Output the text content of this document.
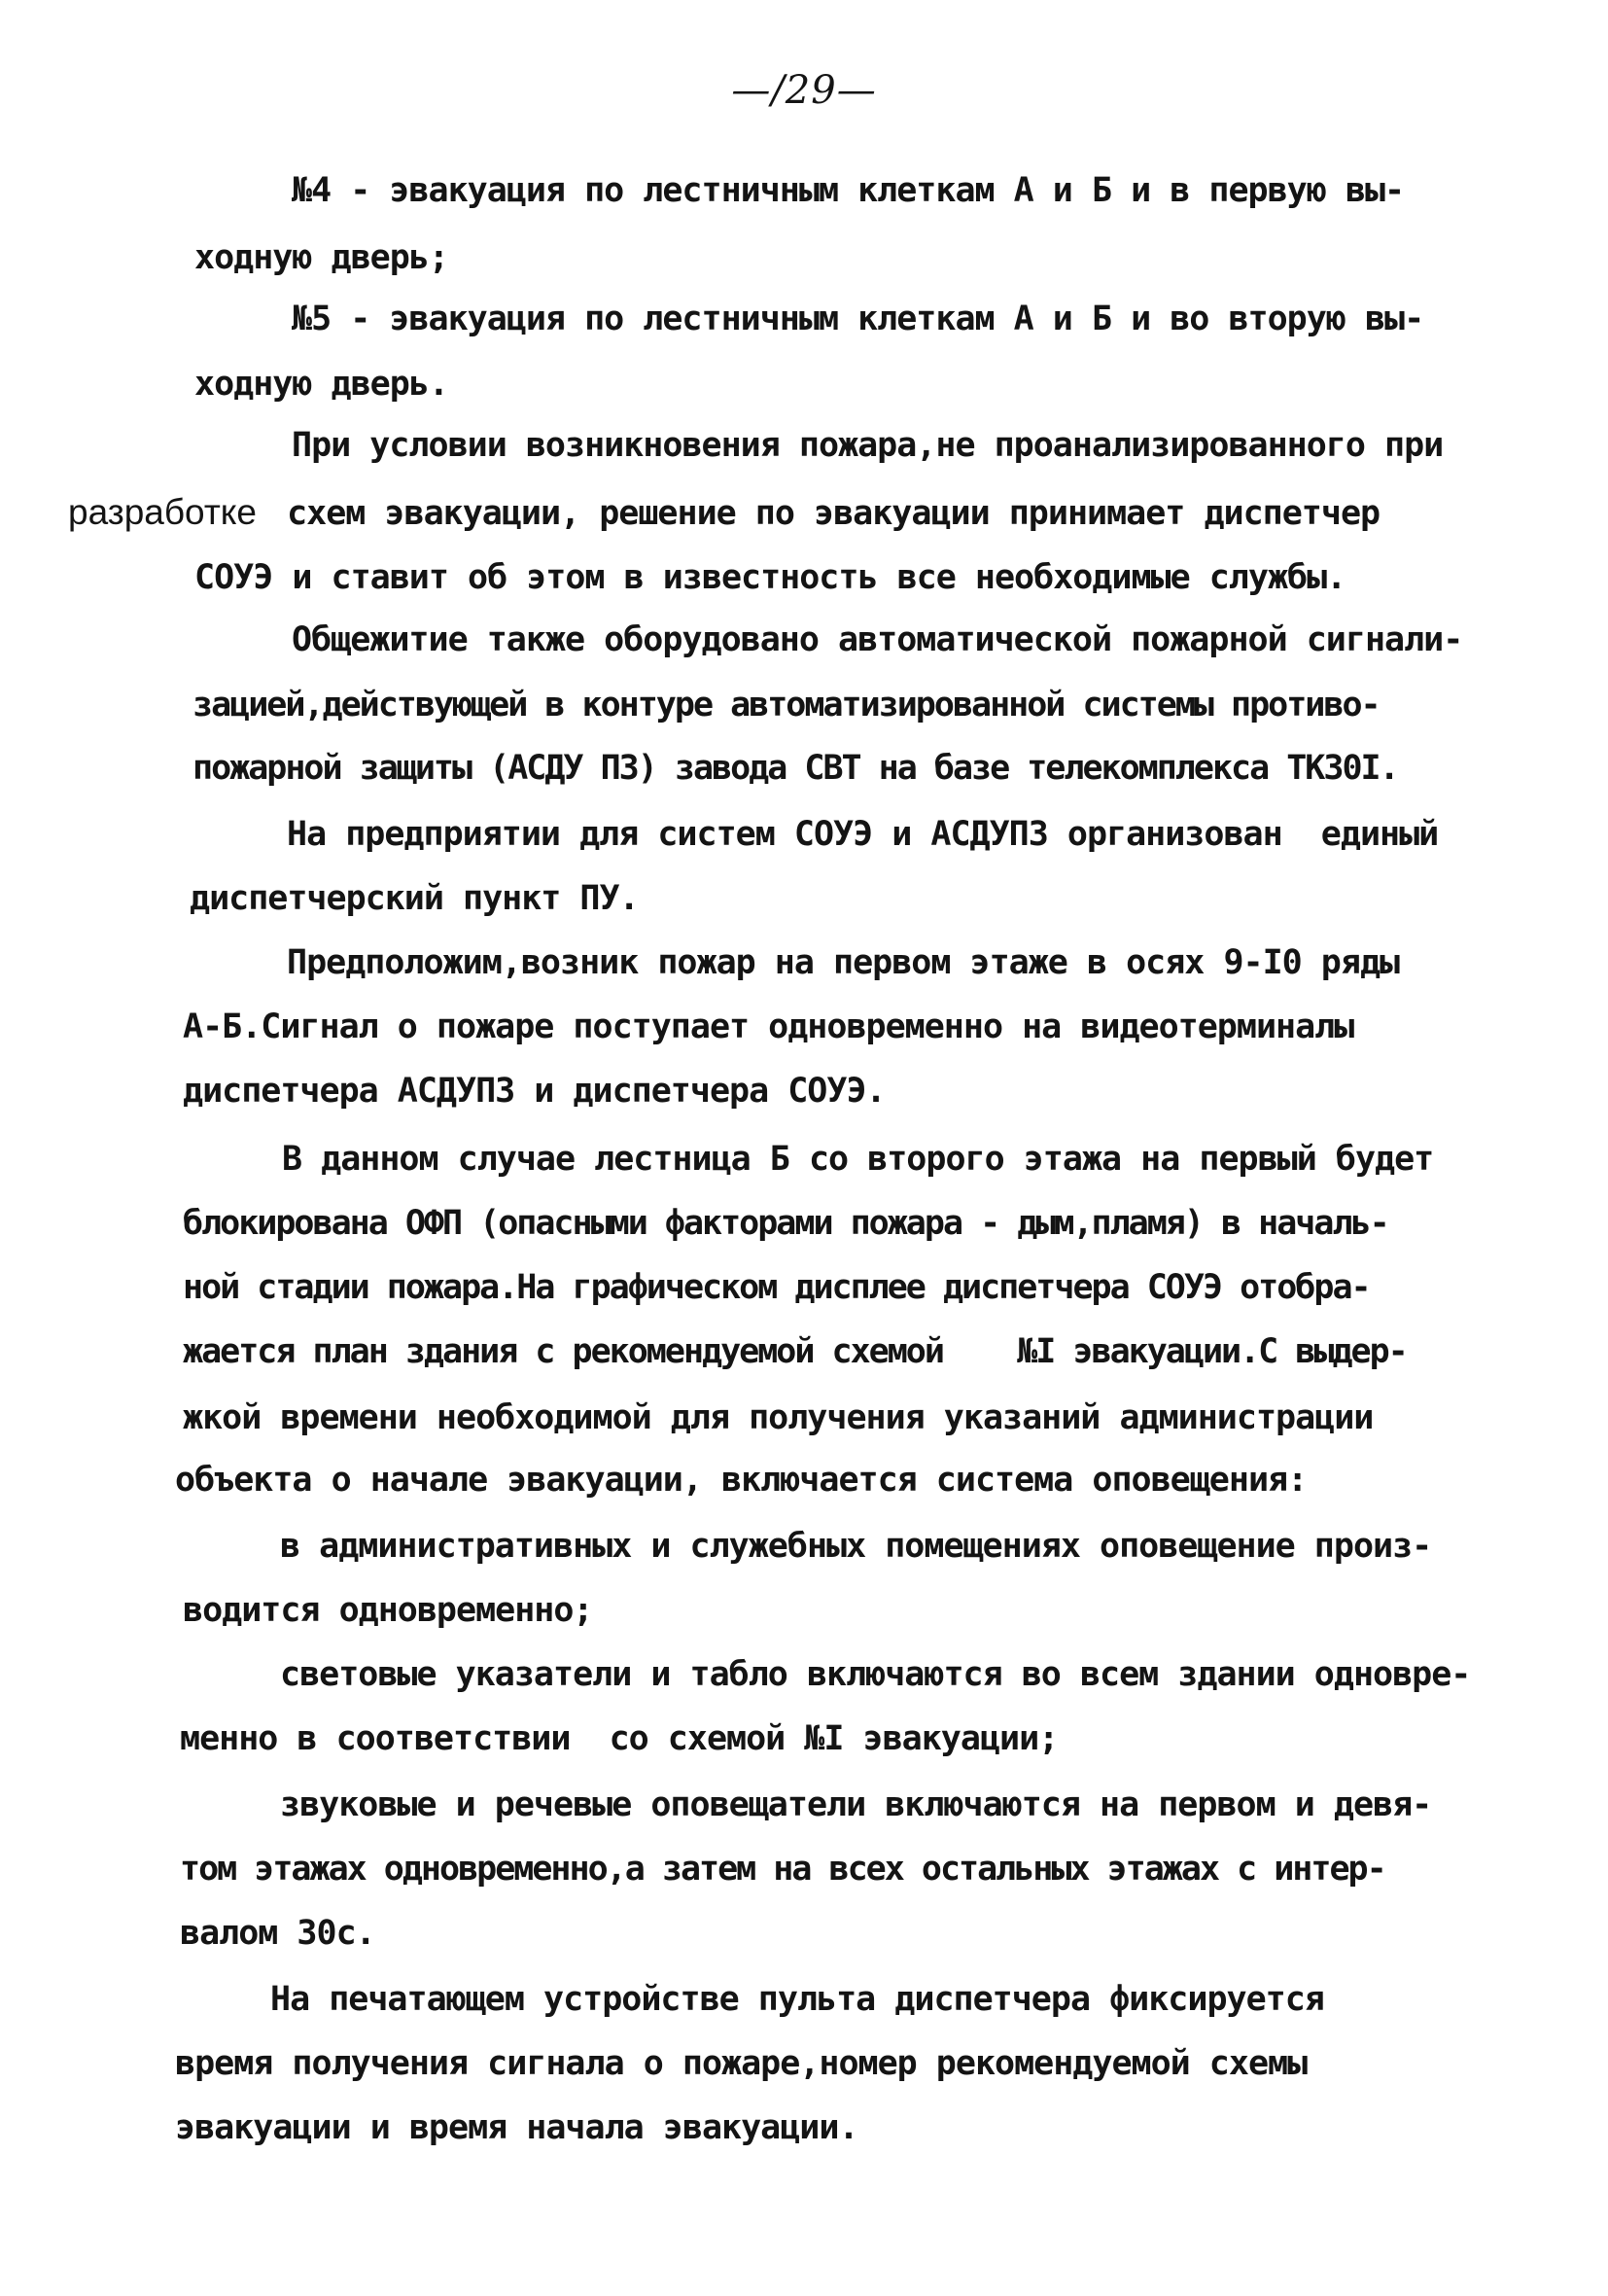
—/29—
№4 - эвакуация по лестничным клеткам А и Б и в первую вы-
ходную дверь;
№5 - эвакуация по лестничным клеткам А и Б и во вторую вы-
ходную дверь.
При условии возникновения пожара,не проанализированного при
разработке схем эвакуации, решение по эвакуации принимает диспетчер
СОУЭ и ставит об этом в известность все необходимые службы.
Общежитие также оборудовано автоматической пожарной сигнали-
зацией,действующей в контуре автоматизированной системы противо-
пожарной защиты (АСДУ ПЗ) завода СВТ на базе телекомплекса ТКЗ0I.
На предприятии для систем СОУЭ и АСДУПЗ организован  единый
диспетчерский пункт ПУ.
Предположим,возник пожар на первом этаже в осях 9-I0 ряды
А-Б.Сигнал о пожаре поступает одновременно на видеотерминалы
диспетчера АСДУПЗ и диспетчера СОУЭ.
В данном случае лестница Б со второго этажа на первый будет
блокирована ОФП (опасными факторами пожара - дым,пламя) в началь-
ной стадии пожара.На графическом дисплее диспетчера СОУЭ отобра-
жается план здания с рекомендуемой схемой    №I эвакуации.С выдер-
жкой времени необходимой для получения указаний администрации
объекта о начале эвакуации, включается система оповещения:
в административных и служебных помещениях оповещение произ-
водится одновременно;
световые указатели и табло включаются во всем здании одновре-
менно в соответствии  со схемой №I эвакуации;
звуковые и речевые оповещатели включаются на первом и девя-
том этажах одновременно,а затем на всех остальных этажах с интер-
валом 30с.
На печатающем устройстве пульта диспетчера фиксируется
время получения сигнала о пожаре,номер рекомендуемой схемы
эвакуации и время начала эвакуации.
